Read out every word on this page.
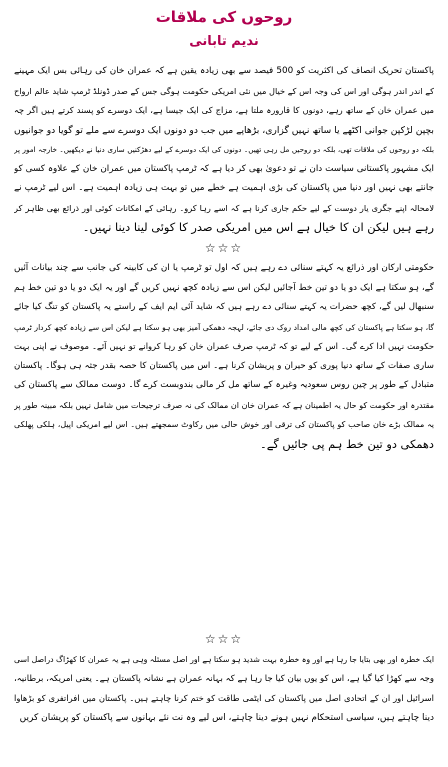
روحوں کی ملاقات
ندیم تابانی
پاکستان تحریک انصاف کی اکثریت کو 500 فیصد سے بھی زیادہ یقین ہے کہ عمران خان کی رہائی بس ایک مہینے
کے اندر اندر ہوگی اور اس کی وجہ اس کے خیال میں نئی امریکی حکومت ہوگی جس کے صدر ڈونلڈ ٹرمپ شاید عالم ارواح
میں عمران خان کے ساتھ رہے، دونوں کا قارورہ ملتا ہے، مزاج کی ایک جیسا ہے، ایک دوسرے کو پسند کرتے ہیں اگر چہ
بچپن لڑکپن جوانی اکٹھے یا ساتھ نہیں گزاری، بڑھاپے میں جب دو دونوں ایک دوسرے سے ملے تو گویا دو جوانیوں
بلکہ دو روحوں کی ملاقات تھی، بلکہ دو روحیں مل رہی تھیں۔ دونوں کی ایک دوسرے کے لیے دھڑکنیں ساری دنیا نے دیکھیں۔ خارجہ امور پر
ایک مشہور پاکستانی سیاست دان نے تو دعویٰ بھی کر دیا ہے کہ ٹرمپ پاکستان میں عمران خان کے علاوہ کسی کو
جانتے بھی نہیں اور دنیا میں پاکستان کی بڑی اہمیت ہے خطے میں تو بہت ہی زیادہ اہمیت ہے۔ اس لیے ٹرمپ نے
لامحالہ اپنے جگری یار دوست کے لیے حکم جاری کرنا ہے کہ اسے رہا کرو۔ رہائی کے امکانات کوئی اور ذرائع بھی ظاہر کر
رہے ہیں لیکن ان کا خیال ہے اس میں امریکی صدر کا کوئی لینا دینا نہیں۔
☆☆☆
حکومتی ارکان اور ذرائع یہ کہتے سنائی دے رہے ہیں کہ اول تو ٹرمپ یا ان کی کابینہ کی جانب سے چند بیانات آئیں
گے، ہو سکتا ہے ایک دو یا دو تین خط آجائیں لیکن اس سے زیادہ کچھ نہیں کریں گے اور یہ ایک دو یا دو تین خط ہم
سنبھال لیں گے، کچھ حضرات یہ کہتے سنائی دے رہے ہیں کہ شاید آئی ایم ایف کے راستے یہ پاکستان کو تنگ کیا جائے
گا، ہو سکتا ہے پاکستان کی کچھ مالی امداد روک دی جائے، لہجہ دھمکی آمیز بھی ہو سکتا ہے لیکن اس سے زیادہ کچھ کردار ٹرمپ
حکومت نہیں ادا کرے گی۔ اس کے لیے تو کہ ٹرمپ صرف عمران خان کو رہا کروانے تو نہیں آئے۔ موصوف نے اپنی بہت
ساری صفات کے ساتھ دنیا پوری کو حیران و پریشان کرنا ہے۔ اس میں پاکستان کا حصہ بقدر جثہ ہی ہوگا۔ پاکستان
متبادل کے طور پر چین روس سعودیہ وغیرہ کے ساتھ مل کر مالی بندوبست کرے گا۔ دوست ممالک سے پاکستان کی
مقتدرہ اور حکومت کو حال یہ اطمینان ہے کہ عمران خان ان ممالک کی نہ صرف ترجیحات میں شامل نہیں بلکہ مبینہ طور پر
یہ ممالک بڑے خان صاحب کو پاکستان کی ترقی اور خوش حالی میں رکاوٹ سمجھتے ہیں۔ اس لیے امریکی اپیل، ہلکی پھلکی
دھمکی دو تین خط ہم پی جائیں گے۔
☆☆☆
ایک خطرہ اور بھی بتایا جا رہا ہے اور وہ خطرہ بہت شدید ہو سکتا ہے اور اصل مسئلہ وہی ہے یہ عمران کا کھڑاگ دراصل اسی
وجہ سے کھڑا کیا گیا ہے، اس کو یوں بیان کیا جا رہا ہے کہ بہانہ عمران ہے نشانہ پاکستان ہے۔ یعنی امریکہ، برطانیہ،
اسرائیل اور ان کے اتحادی اصل میں پاکستان کی ایٹمی طاقت کو ختم کرنا چاہتے ہیں۔ پاکستان میں افراتفری کو بڑھاوا
دینا چاہتے ہیں، سیاسی استحکام نہیں ہونے دینا چاہتے، اس لیے وہ نت نئے بہانوں سے پاکستان کو پریشان کریں
